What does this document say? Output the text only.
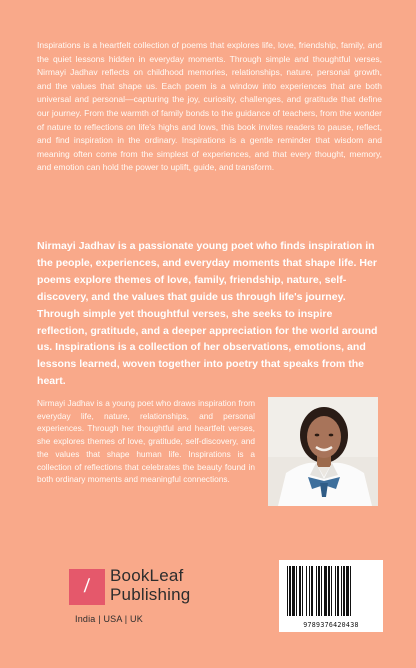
Inspirations is a heartfelt collection of poems that explores life, love, friendship, family, and the quiet lessons hidden in everyday moments. Through simple and thoughtful verses, Nirmayi Jadhav reflects on childhood memories, relationships, nature, personal growth, and the values that shape us. Each poem is a window into experiences that are both universal and personal—capturing the joy, curiosity, challenges, and gratitude that define our journey. From the warmth of family bonds to the guidance of teachers, from the wonder of nature to reflections on life's highs and lows, this book invites readers to pause, reflect, and find inspiration in the ordinary. Inspirations is a gentle reminder that wisdom and meaning often come from the simplest of experiences, and that every thought, memory, and emotion can hold the power to uplift, guide, and transform.
Nirmayi Jadhav is a passionate young poet who finds inspiration in the people, experiences, and everyday moments that shape life. Her poems explore themes of love, family, friendship, nature, self-discovery, and the values that guide us through life's journey. Through simple yet thoughtful verses, she seeks to inspire reflection, gratitude, and a deeper appreciation for the world around us. Inspirations is a collection of her observations, emotions, and lessons learned, woven together into poetry that speaks from the heart.
Nirmayi Jadhav is a young poet who draws inspiration from everyday life, nature, relationships, and personal experiences. Through her thoughtful and heartfelt verses, she explores themes of love, gratitude, self-discovery, and the values that shape human life. Inspirations is a collection of reflections that celebrates the beauty found in both ordinary moments and meaningful connections.
/
BookLeaf Publishing
India | USA | UK
9789376420438
